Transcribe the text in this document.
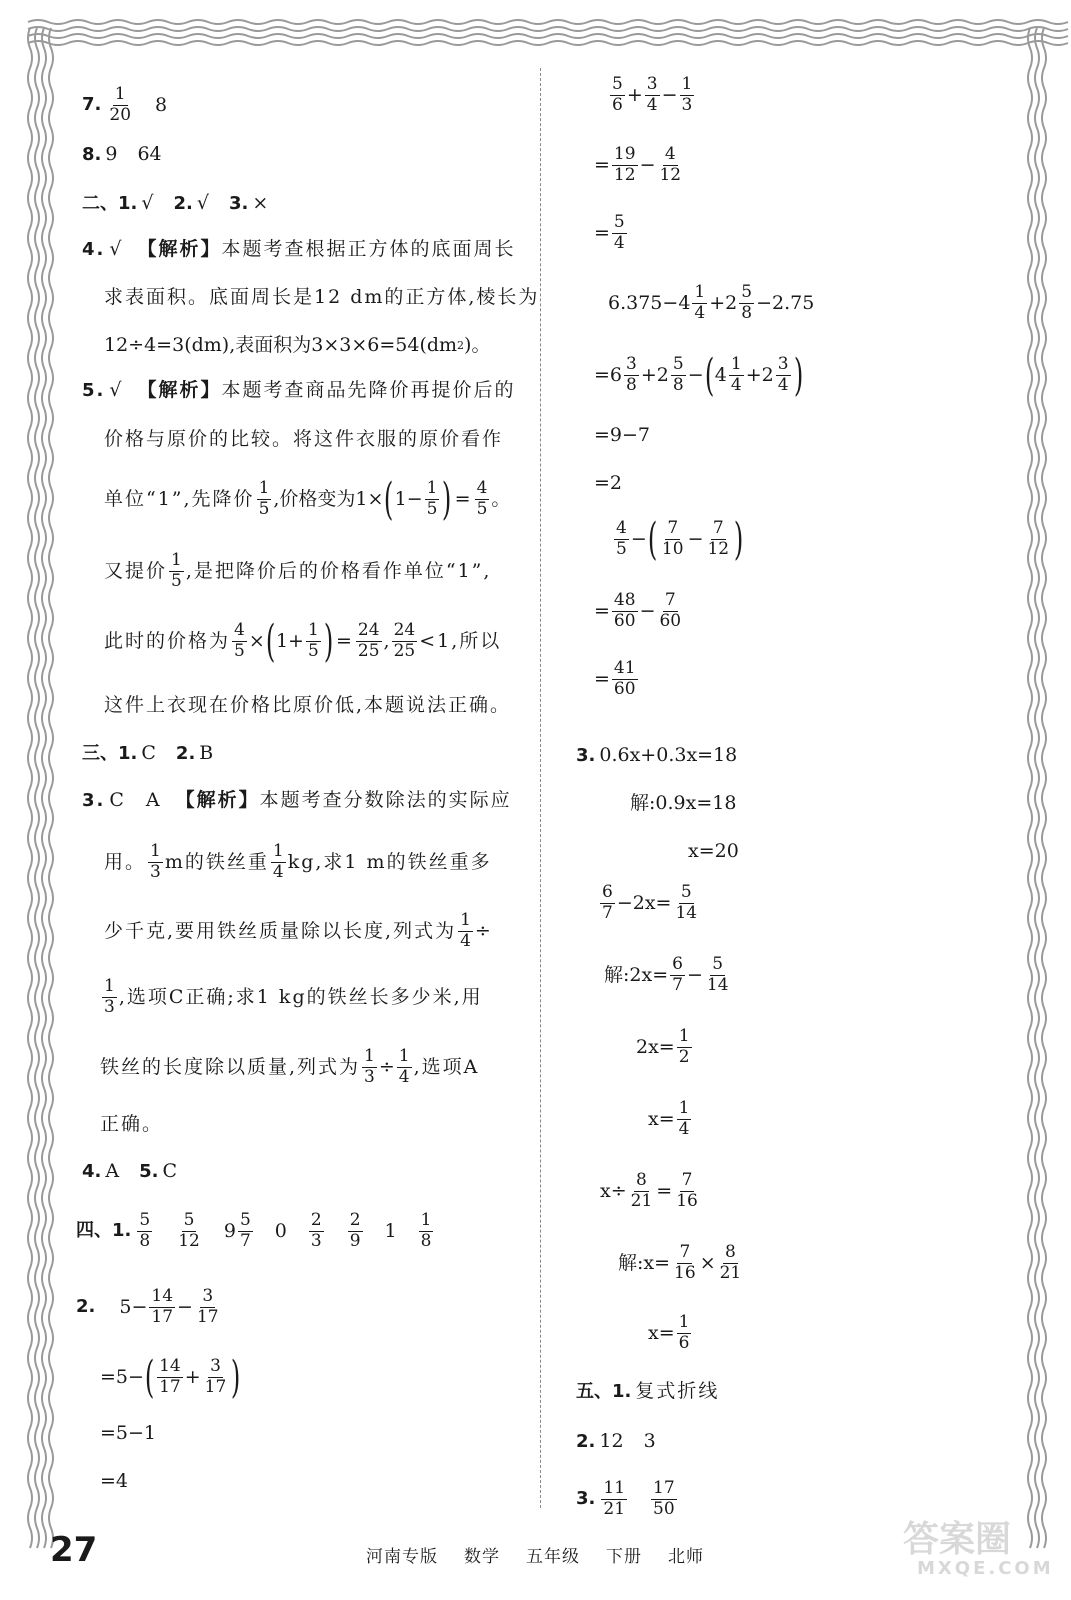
7. $\frac{1}{20} 8$
8. 9 64
二、 1. √ 2. √ 3. ×
4. √ 【解析】 本题考查根据正方体的底面周长
求表面积。底面周长是12 dm的正方体,棱长为
12÷4=3(dm),表面积为3×3×6=54(dm 2 )。
5. √ 【解析】 本题考查商品先降价再提价后的
价格与原价的比较。将这件衣服的原价看作
单位“1”,先降价 $\frac{1}{5}$ ,价格变为1× ( $1- \frac{1}{5}$ ) = $\frac{4}{5}$ 。
又提价 $\frac{1}{5}$ ,是把降价后的价格看作单位“1”,
此时的价格为 $\frac{4}{5}$ × ( $1+ \frac{1}{5}$ ) = $\frac{24}{25}$ , $\frac{24}{25} <1$,所以
这件上衣现在价格比原价低,本题说法正确。
三、 1. C 2. B
3. C A 【解析】 本题考查分数除法的实际应
用。 $\frac{1}{3}$ m的铁丝重 $\frac{1}{4}$ kg,求1 m的铁丝重多
少千克,要用铁丝质量除以长度,列式为 $\frac{1}{4}$ ÷
$\frac{1}{3}$ ,选项C正确;求1 kg的铁丝长多少米,用
铁丝的长度除以质量,列式为 $\frac{1}{3} \div \frac{1}{4}$ ,选项A
正确。
4. A 5. C
四、 1. $\frac{5}{8} \frac{5}{12} 9 \frac{5}{7} 0 \frac{2}{3} \frac{2}{9} 1 \frac{1}{8}$
2. $5- \frac{14}{17} - \frac{3}{17}$
=5− ( $\frac{14}{17} + \frac{3}{17}$ )
=5−1
=4
$\frac{5}{6} + \frac{3}{4} - \frac{1}{3}$
= $\frac{19}{12} - \frac{4}{12}$
= $\frac{5}{4}$
$6.375-4 \frac{1}{4} +2 \frac{5}{8} -2.75$
$=6 \frac{3}{8} +2 \frac{5}{8}$ − ( $4 \frac{1}{4} +2 \frac{3}{4}$ )
=9−7
=2
$\frac{4}{5}$ − ( $\frac{7}{10} - \frac{7}{12}$ )
= $\frac{48}{60} - \frac{7}{60}$
= $\frac{41}{60}$
3. 0.6x+0.3x=18
解:0.9x=18
x=20
$\frac{6}{7} -2x= \frac{5}{14}$
解:2x= $\frac{6}{7} - \frac{5}{14}$
$2x= \frac{1}{2}$
$x= \frac{1}{4}$
$x\div \frac{8}{21} = \frac{7}{16}$
解:x= $\frac{7}{16} \times \frac{8}{21}$
$x= \frac{1}{6}$
五、 1. 复式折线
2. 12 3
3. $\frac{11}{21} \frac{17}{50}$
27	河南专版 数学 五年级 下册 北师	答案圈
MXQE.COM
